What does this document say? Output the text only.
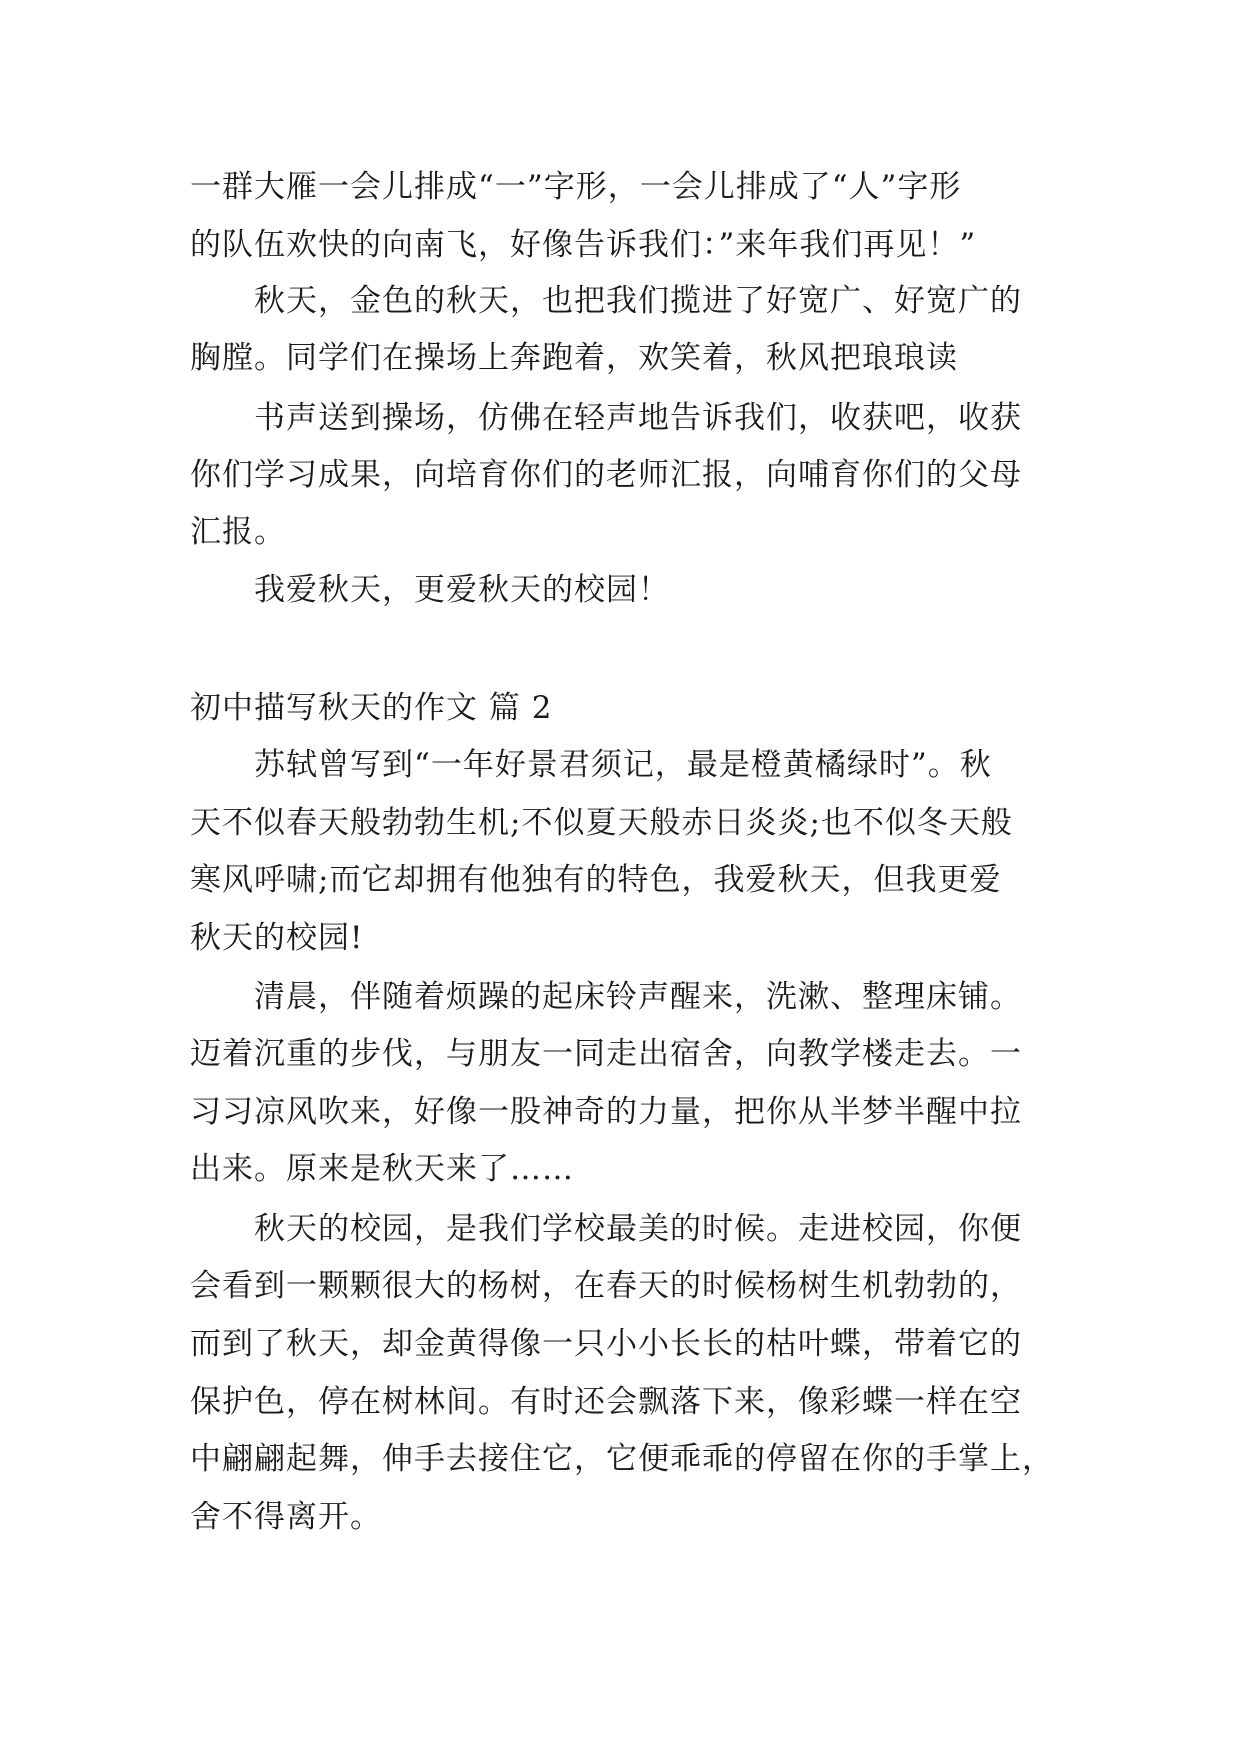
一群大雁一会儿排成“一”字形，一会儿排成了“人”字形
的队伍欢快的向南飞，好像告诉我们：”来年我们再见！”
秋天，金色的秋天，也把我们揽进了好宽广、好宽广的
胸膛。同学们在操场上奔跑着，欢笑着，秋风把琅琅读
书声送到操场，仿佛在轻声地告诉我们，收获吧，收获
你们学习成果，向培育你们的老师汇报，向哺育你们的父母
汇报。
我爱秋天，更爱秋天的校园！
初中描写秋天的作文 篇 2
苏轼曾写到“一年好景君须记，最是橙黄橘绿时”。秋
天不似春天般勃勃生机;不似夏天般赤日炎炎;也不似冬天般
寒风呼啸;而它却拥有他独有的特色，我爱秋天，但我更爱
秋天的校园!
清晨，伴随着烦躁的起床铃声醒来，洗漱、整理床铺。
迈着沉重的步伐，与朋友一同走出宿舍，向教学楼走去。一
习习凉风吹来，好像一股神奇的力量，把你从半梦半醒中拉
出来。原来是秋天来了……
秋天的校园，是我们学校最美的时候。走进校园，你便
会看到一颗颗很大的杨树，在春天的时候杨树生机勃勃的，
而到了秋天，却金黄得像一只小小长长的枯叶蝶，带着它的
保护色，停在树林间。有时还会飘落下来，像彩蝶一样在空
中翩翩起舞，伸手去接住它，它便乖乖的停留在你的手掌上，
舍不得离开。
